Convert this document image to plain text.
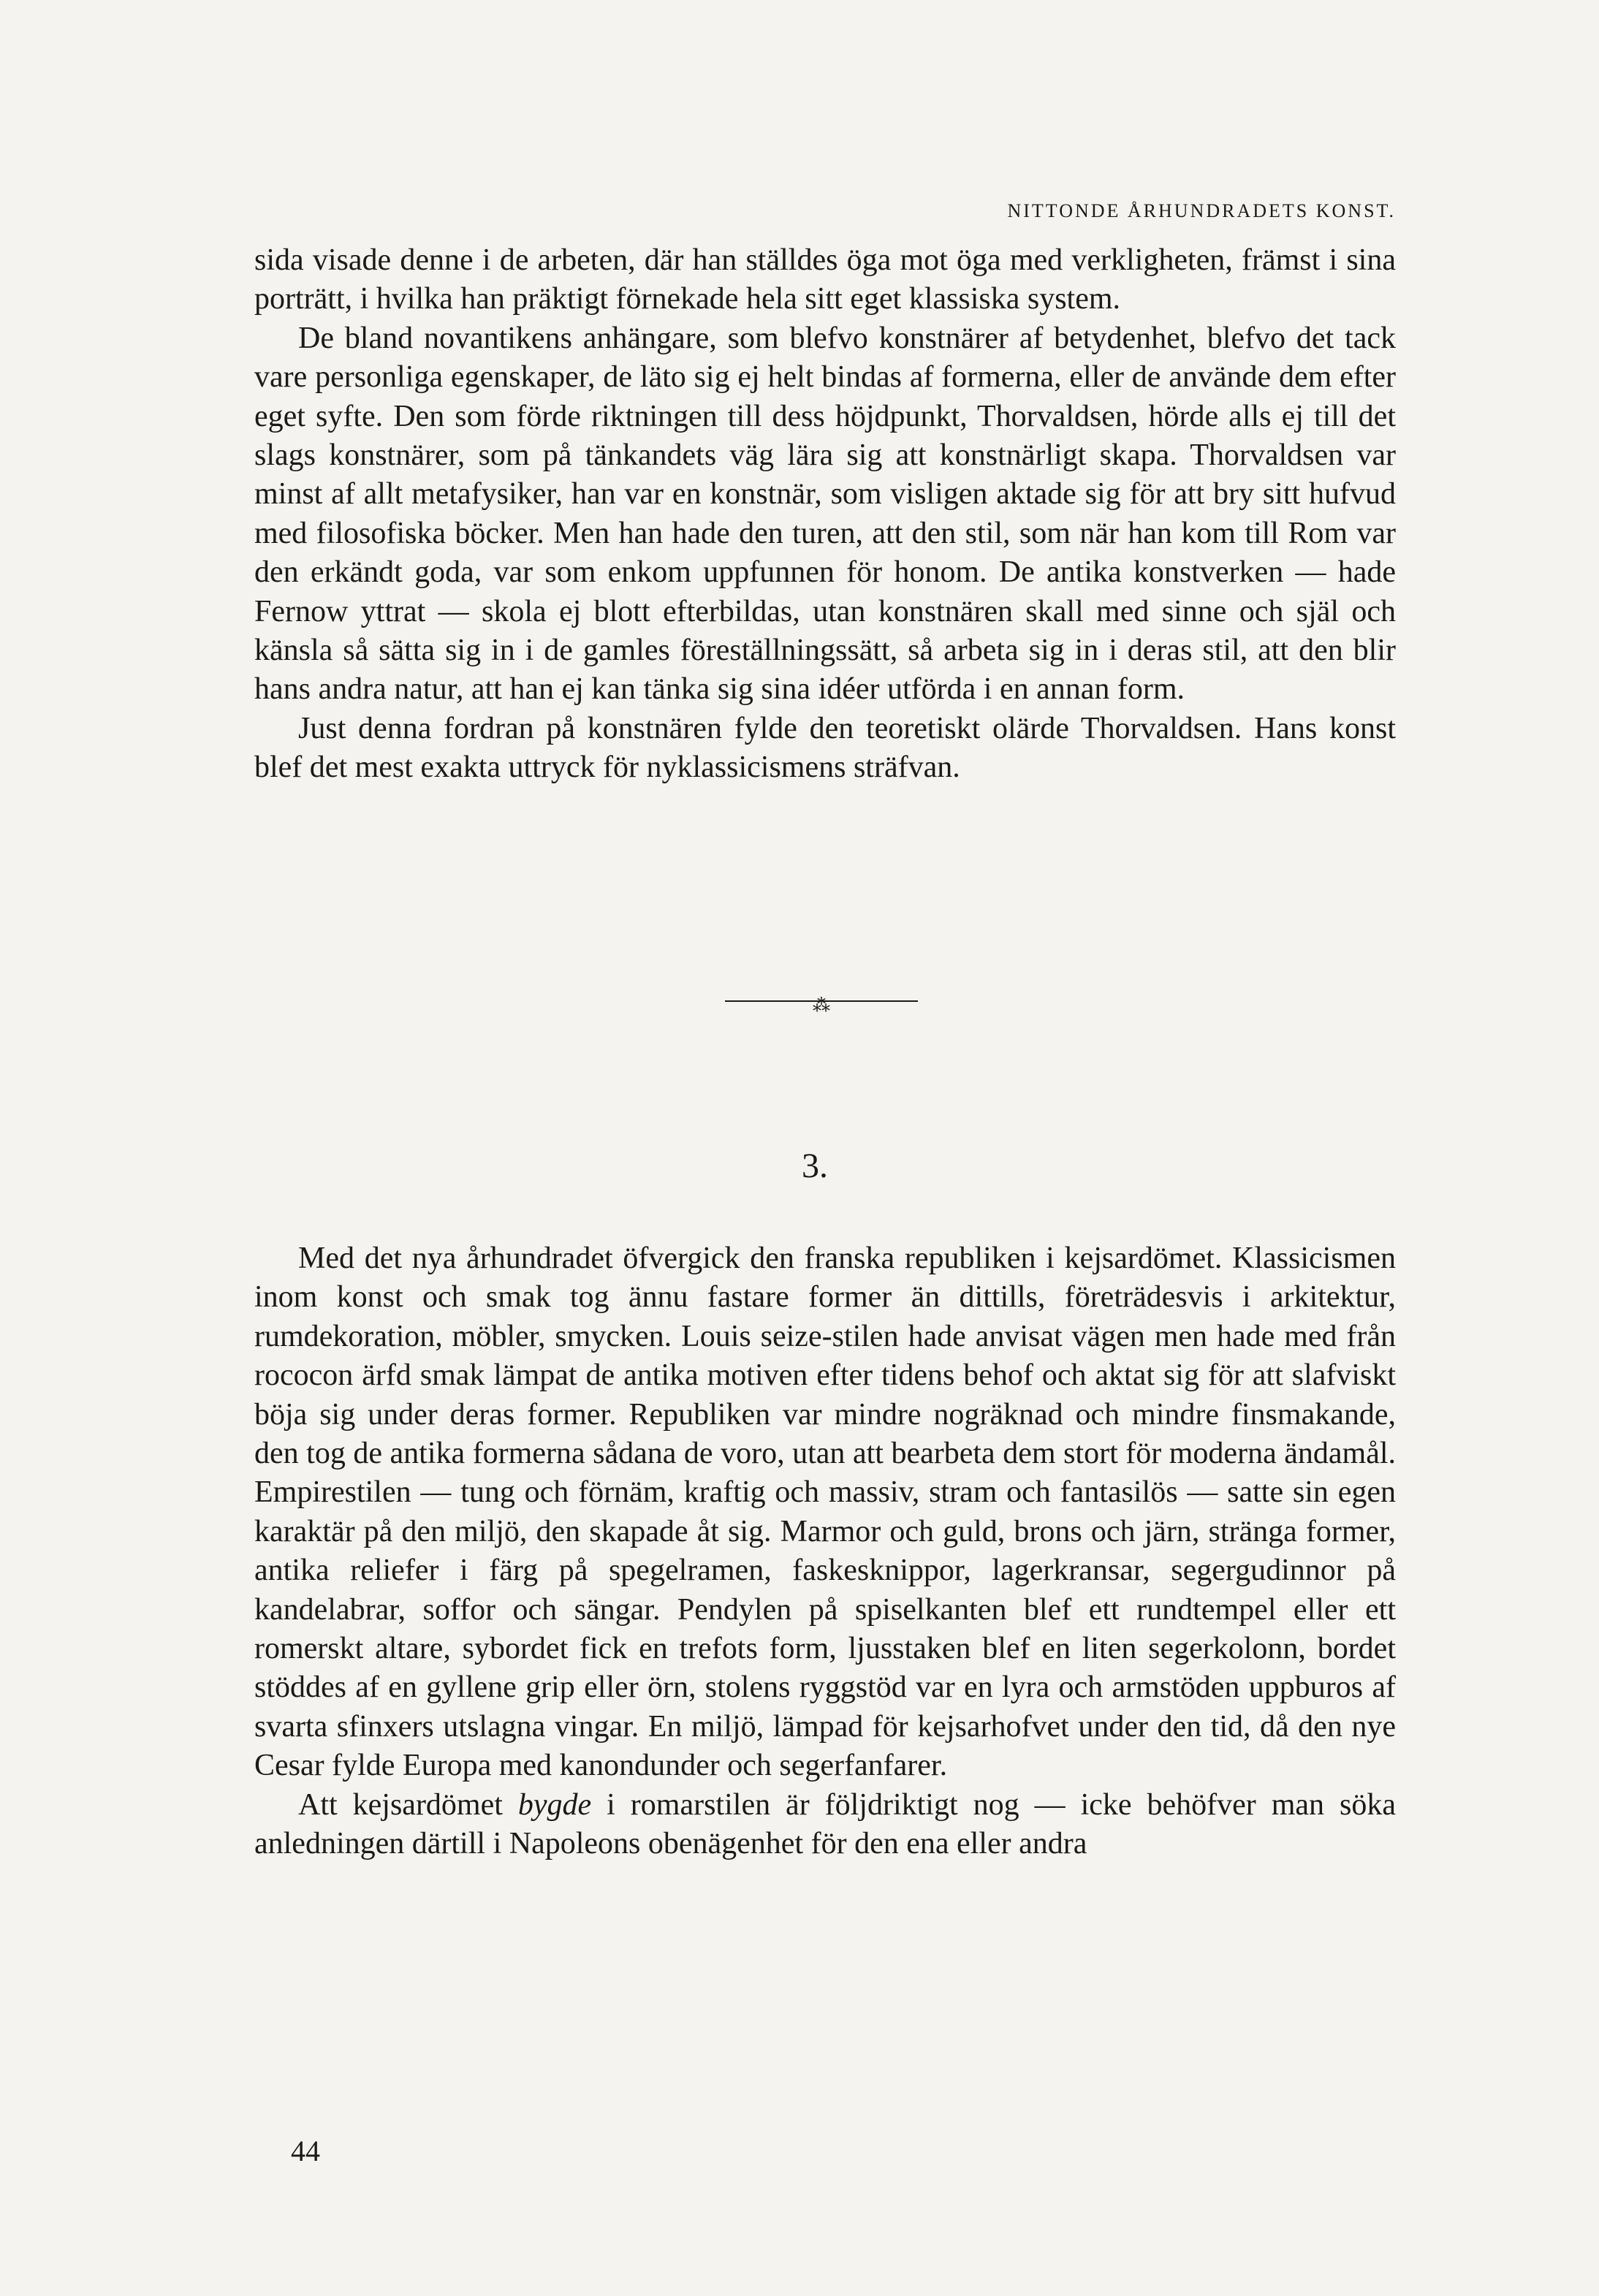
NITTONDE ÅRHUNDRADETS KONST.

sida visade denne i de arbeten, där han ställdes öga mot öga med verkligheten, främst i sina porträtt, i hvilka han präktigt förnekade hela sitt eget klassiska system.

De bland novantikens anhängare, som blefvo konstnärer af betydenhet, blefvo det tack vare personliga egenskaper, de läto sig ej helt bindas af formerna, eller de använde dem efter eget syfte. Den som förde riktningen till dess höjdpunkt, Thorvaldsen, hörde alls ej till det slags konstnärer, som på tänkandets väg lära sig att konstnärligt skapa. Thorvaldsen var minst af allt metafysiker, han var en konstnär, som visligen aktade sig för att bry sitt hufvud med filosofiska böcker. Men han hade den turen, att den stil, som när han kom till Rom var den erkändt goda, var som enkom uppfunnen för honom. De antika konstverken — hade Fernow yttrat — skola ej blott efterbildas, utan konstnären skall med sinne och själ och känsla så sätta sig in i de gamles föreställningssätt, så arbeta sig in i deras stil, att den blir hans andra natur, att han ej kan tänka sig sina idéer utförda i en annan form.

Just denna fordran på konstnären fylde den teoretiskt olärde Thorvaldsen. Hans konst blef det mest exakta uttryck för nyklassicismens sträfvan.

⁂
3.

Med det nya århundradet öfvergick den franska republiken i kejsardömet. Klassicismen inom konst och smak tog ännu fastare former än dittills, företrädesvis i arkitektur, rumdekoration, möbler, smycken. Louis seize-stilen hade anvisat vägen men hade med från rococon ärfd smak lämpat de antika motiven efter tidens behof och aktat sig för att slafviskt böja sig under deras former. Republiken var mindre nogräknad och mindre finsmakande, den tog de antika formerna sådana de voro, utan att bearbeta dem stort för moderna ändamål. Empirestilen — tung och förnäm, kraftig och massiv, stram och fantasilös — satte sin egen karaktär på den miljö, den skapade åt sig. Marmor och guld, brons och järn, stränga former, antika reliefer i färg på spegelramen, faskesknippor, lagerkransar, segergudinnor på kandelabrar, soffor och sängar. Pendylen på spiselkanten blef ett rundtempel eller ett romerskt altare, sybordet fick en trefots form, ljusstaken blef en liten segerkolonn, bordet stöddes af en gyllene grip eller örn, stolens ryggstöd var en lyra och armstöden uppburos af svarta sfinxers utslagna vingar. En miljö, lämpad för kejsarhofvet under den tid, då den nye Cesar fylde Europa med kanondunder och segerfanfarer.

Att kejsardömet bygde i romarstilen är följdriktigt nog — icke behöfver man söka anledningen därtill i Napoleons obenägenhet för den ena eller andra

44
